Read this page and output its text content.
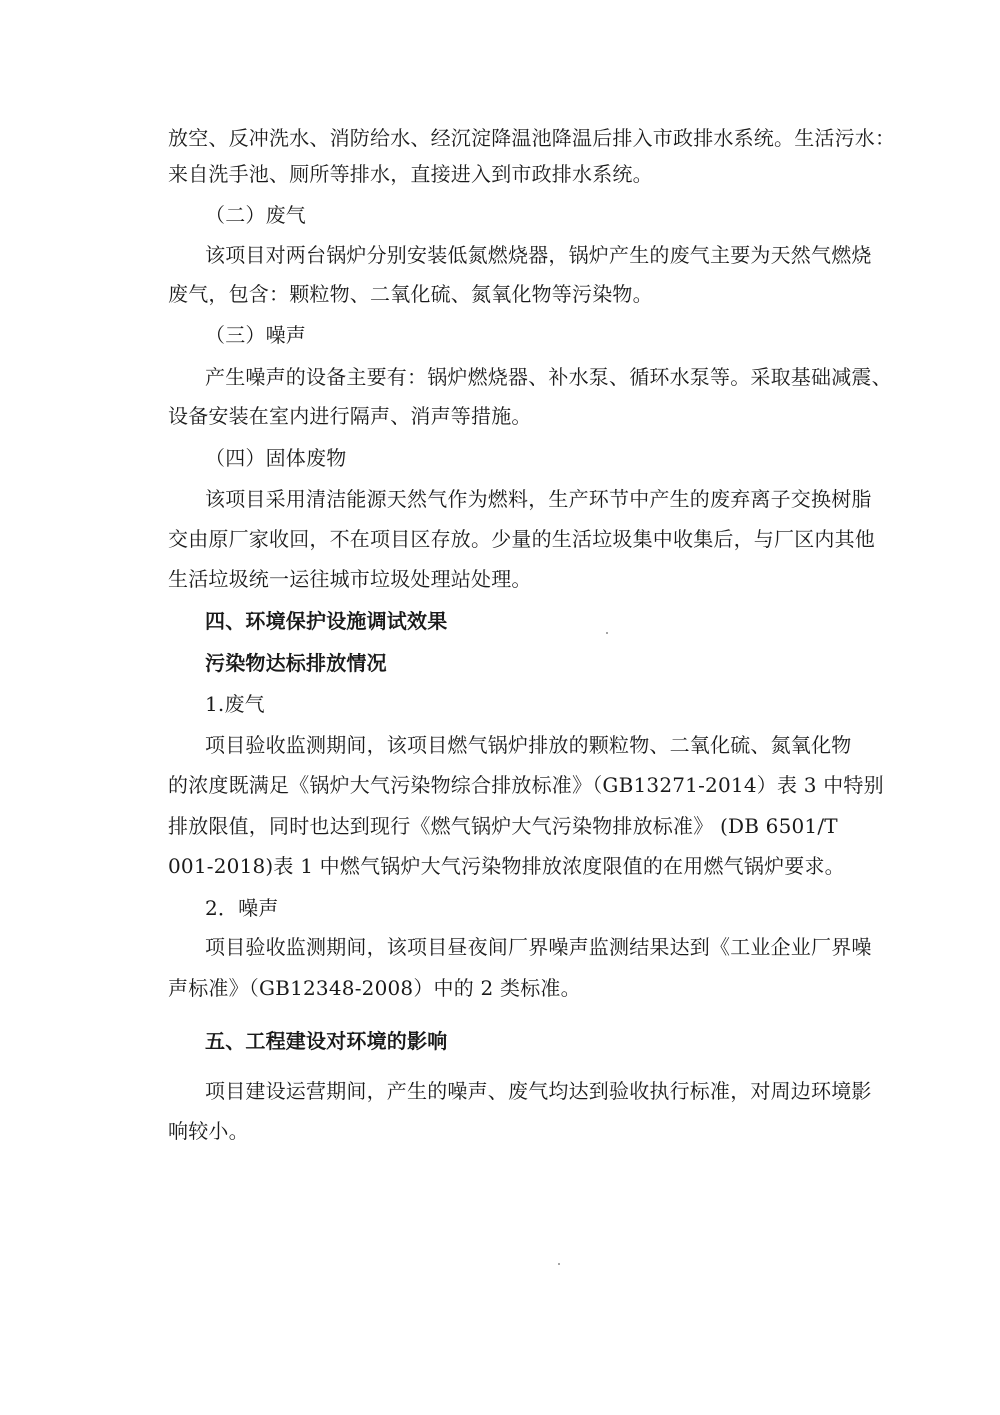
放空、反冲洗水、消防给水、经沉淀降温池降温后排入市政排水系统。生活污水：
来自洗手池、厕所等排水，直接进入到市政排水系统。
（二）废气
该项目对两台锅炉分别安装低氮燃烧器，锅炉产生的废气主要为天然气燃烧
废气，包含：颗粒物、二氧化硫、氮氧化物等污染物。
（三）噪声
产生噪声的设备主要有：锅炉燃烧器、补水泵、循环水泵等。采取基础减震、
设备安装在室内进行隔声、消声等措施。
（四）固体废物
该项目采用清洁能源天然气作为燃料，生产环节中产生的废弃离子交换树脂
交由原厂家收回，不在项目区存放。少量的生活垃圾集中收集后，与厂区内其他
生活垃圾统一运往城市垃圾处理站处理。
四、环境保护设施调试效果
污染物达标排放情况
1.废气
项目验收监测期间，该项目燃气锅炉排放的颗粒物、二氧化硫、氮氧化物
的浓度既满足《锅炉大气污染物综合排放标准》（GB13271-2014）表 3 中特别
排放限值，同时也达到现行《燃气锅炉大气污染物排放标准》 (DB 6501/T
001-2018)表 1 中燃气锅炉大气污染物排放浓度限值的在用燃气锅炉要求。
2．噪声
项目验收监测期间，该项目昼夜间厂界噪声监测结果达到《工业企业厂界噪
声标准》（GB12348-2008）中的 2 类标准。
五、工程建设对环境的影响
项目建设运营期间，产生的噪声、废气均达到验收执行标准，对周边环境影
响较小。
